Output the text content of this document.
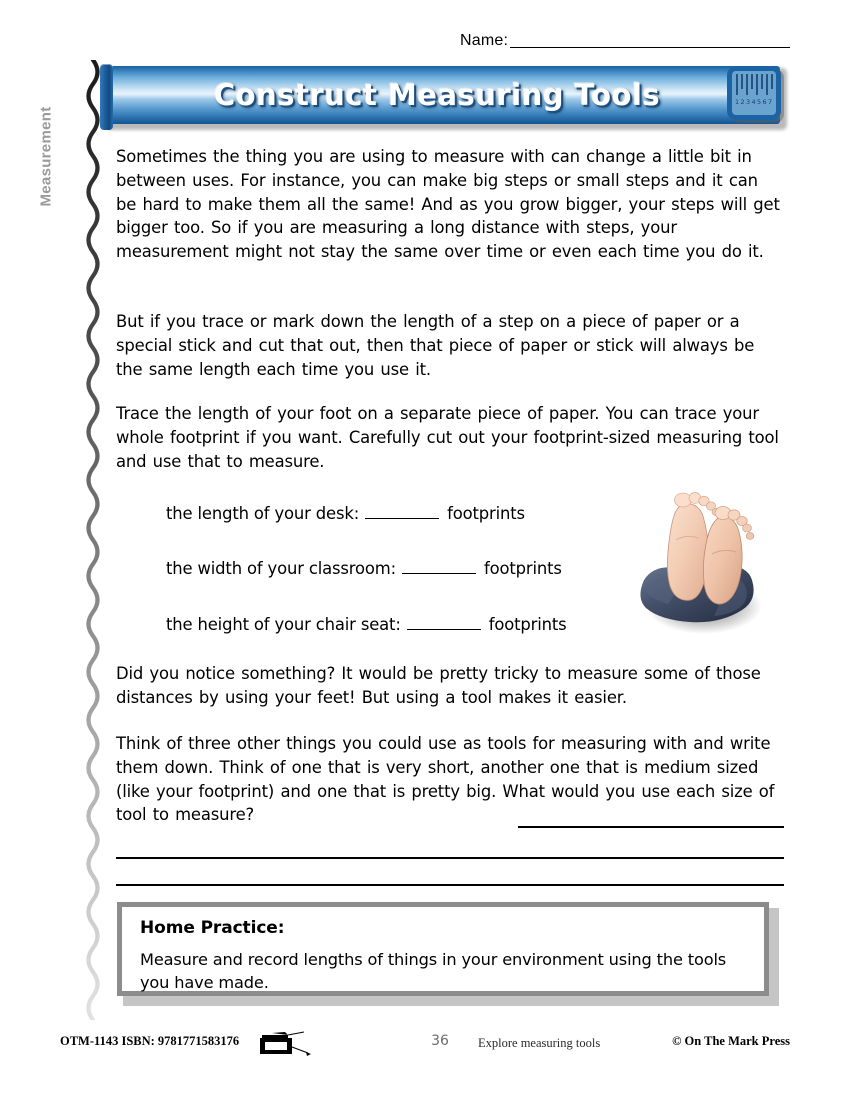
Name:
Measurement
Construct Measuring Tools	1 2 3 4 5 6 7
Sometimes the thing you are using to measure with can change a little bit in between uses. For instance, you can make big steps or small steps and it can be hard to make them all the same! And as you grow bigger, your steps will get bigger too. So if you are measuring a long distance with steps, your measurement might not stay the same over time or even each time you do it.
But if you trace or mark down the length of a step on a piece of paper or a special stick and cut that out, then that piece of paper or stick will always be the same length each time you use it.
Trace the length of your foot on a separate piece of paper. You can trace your whole footprint if you want. Carefully cut out your footprint-sized measuring tool and use that to measure.
the length of your desk:	footprints
the width of your classroom:	footprints
the height of your chair seat:	footprints
Did you notice something? It would be pretty tricky to measure some of those distances by using your feet! But using a tool makes it easier.
Think of three other things you could use as tools for measuring with and write them down. Think of one that is very short, another one that is medium sized (like your footprint) and one that is pretty big. What would you use each size of tool to measure?
Home Practice:
Measure and record lengths of things in your environment using the tools you have made.
OTM-1143 ISBN: 9781771583176	36	Explore measuring tools	© On The Mark Press
